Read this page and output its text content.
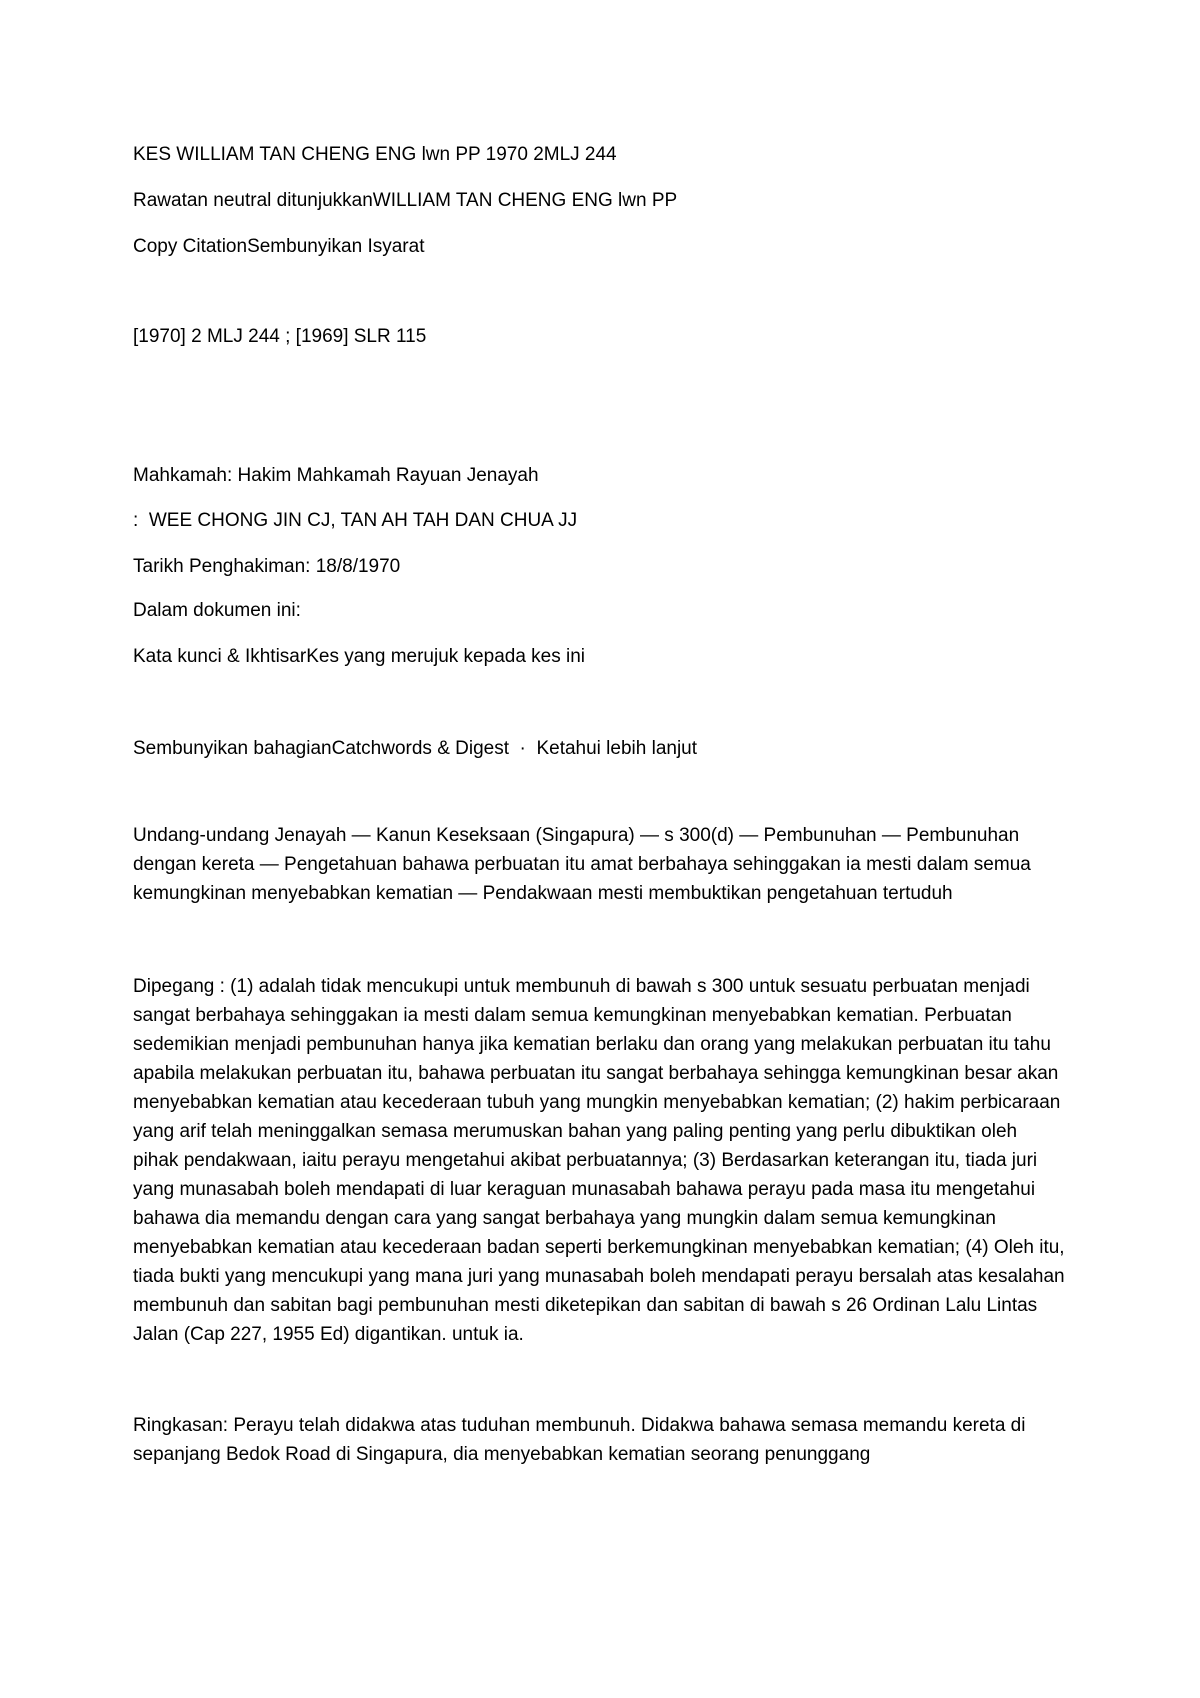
KES WILLIAM TAN CHENG ENG lwn PP 1970 2MLJ 244

Rawatan neutral ditunjukkanWILLIAM TAN CHENG ENG lwn PP

Copy CitationSembunyikan Isyarat

[1970] 2 MLJ 244 ; [1969] SLR 115

Mahkamah: Hakim Mahkamah Rayuan Jenayah

:  WEE CHONG JIN CJ, TAN AH TAH DAN CHUA JJ

Tarikh Penghakiman: 18/8/1970

Dalam dokumen ini:

Kata kunci & IkhtisarKes yang merujuk kepada kes ini

Sembunyikan bahagianCatchwords & Digest  ·  Ketahui lebih lanjut

Undang-undang Jenayah — Kanun Keseksaan (Singapura) — s 300(d) — Pembunuhan — Pembunuhan dengan kereta — Pengetahuan bahawa perbuatan itu amat berbahaya sehinggakan ia mesti dalam semua kemungkinan menyebabkan kematian — Pendakwaan mesti membuktikan pengetahuan tertuduh

Dipegang : (1) adalah tidak mencukupi untuk membunuh di bawah s 300 untuk sesuatu perbuatan menjadi sangat berbahaya sehinggakan ia mesti dalam semua kemungkinan menyebabkan kematian. Perbuatan sedemikian menjadi pembunuhan hanya jika kematian berlaku dan orang yang melakukan perbuatan itu tahu apabila melakukan perbuatan itu, bahawa perbuatan itu sangat berbahaya sehingga kemungkinan besar akan menyebabkan kematian atau kecederaan tubuh yang mungkin menyebabkan kematian; (2) hakim perbicaraan yang arif telah meninggalkan semasa merumuskan bahan yang paling penting yang perlu dibuktikan oleh pihak pendakwaan, iaitu perayu mengetahui akibat perbuatannya; (3) Berdasarkan keterangan itu, tiada juri yang munasabah boleh mendapati di luar keraguan munasabah bahawa perayu pada masa itu mengetahui bahawa dia memandu dengan cara yang sangat berbahaya yang mungkin dalam semua kemungkinan menyebabkan kematian atau kecederaan badan seperti berkemungkinan menyebabkan kematian; (4) Oleh itu, tiada bukti yang mencukupi yang mana juri yang munasabah boleh mendapati perayu bersalah atas kesalahan membunuh dan sabitan bagi pembunuhan mesti diketepikan dan sabitan di bawah s 26 Ordinan Lalu Lintas Jalan (Cap 227, 1955 Ed) digantikan. untuk ia.

Ringkasan: Perayu telah didakwa atas tuduhan membunuh. Didakwa bahawa semasa memandu kereta di sepanjang Bedok Road di Singapura, dia menyebabkan kematian seorang penunggang
